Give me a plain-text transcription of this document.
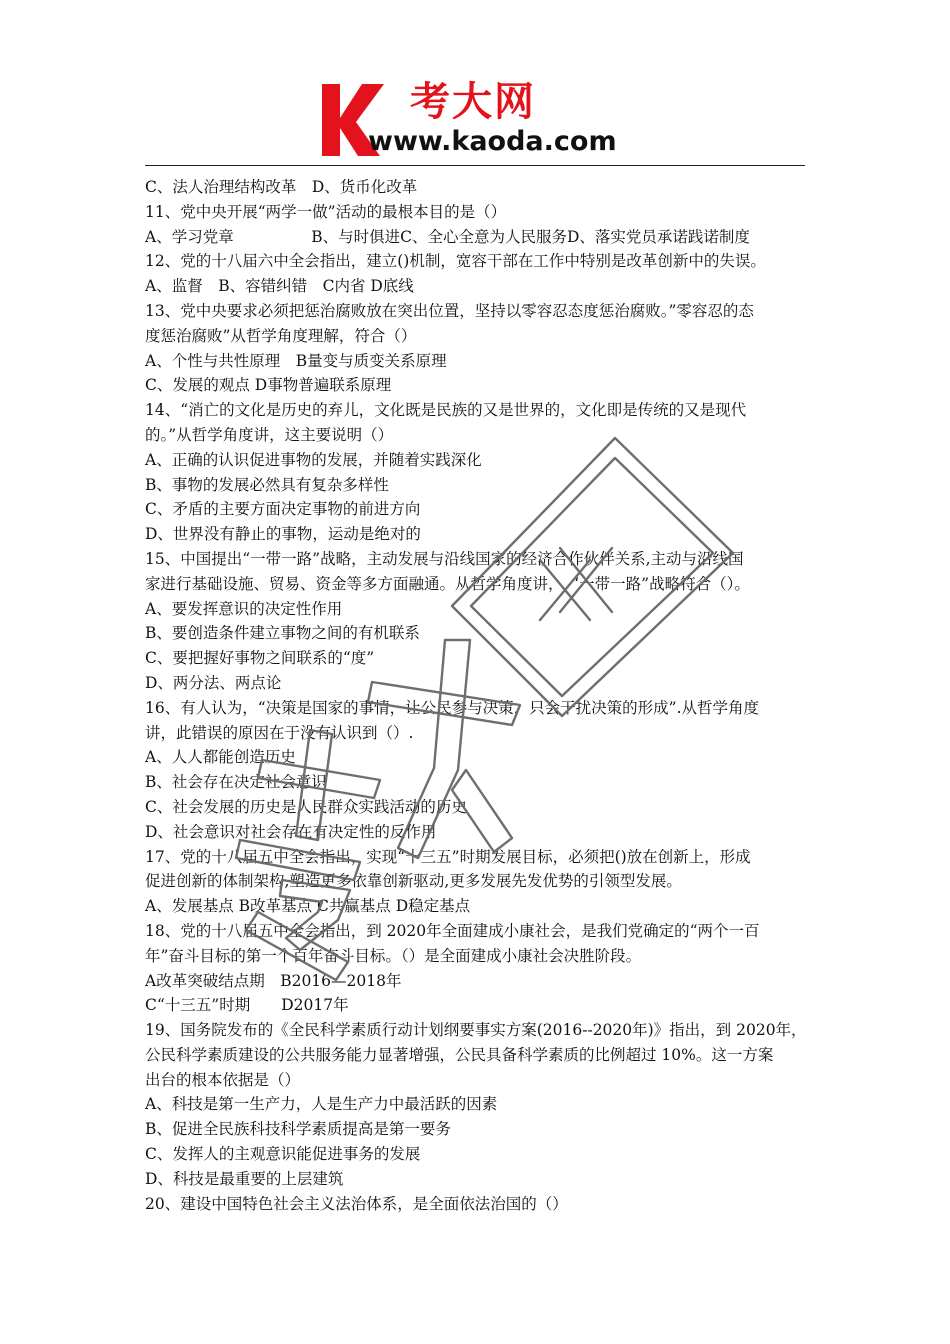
考大网
www.kaoda.com
C、法人治理结构改革　D、货币化改革
11、党中央开展“两学一做”活动的最根本目的是（）
A、学习党章　　　　　B、与时俱进C、全心全意为人民服务D、落实党员承诺践诺制度
12、党的十八届六中全会指出，建立()机制，宽容干部在工作中特别是改革创新中的失误。
A、监督　B、容错纠错　C内省 D底线
13、党中央要求必须把惩治腐败放在突出位置，坚持以零容忍态度惩治腐败。”零容忍的态
度惩治腐败”从哲学角度理解，符合（）
A、个性与共性原理　B量变与质变关系原理
C、发展的观点 D事物普遍联系原理
14、“消亡的文化是历史的弃儿，文化既是民族的又是世界的，文化即是传统的又是现代
的。”从哲学角度讲，这主要说明（）
A、正确的认识促进事物的发展，并随着实践深化
B、事物的发展必然具有复杂多样性
C、矛盾的主要方面决定事物的前进方向
D、世界没有静止的事物，运动是绝对的
15、中国提出“一带一路”战略，主动发展与沿线国家的经济合作伙伴关系,主动与沿线国
家进行基础设施、贸易、资金等多方面融通。从哲学角度讲，　“一带一路”战略符合（）。
A、要发挥意识的决定性作用
B、要创造条件建立事物之间的有机联系
C、要把握好事物之间联系的“度”
D、两分法、两点论
16、有人认为，“决策是国家的事情，让公民参与决策，只会干扰决策的形成”.从哲学角度
讲，此错误的原因在于没有认识到（）.
A、人人都能创造历史
B、社会存在决定社会意识
C、社会发展的历史是人民群众实践活动的历史
D、社会意识对社会存在有决定性的反作用
17、党的十八届五中全会指出，实现“十三五”时期发展目标，必须把()放在创新上，形成
促进创新的体制架构,塑造更多依靠创新驱动,更多发展先发优势的引领型发展。
A、发展基点 B改革基点 C共赢基点 D稳定基点
18、党的十八届五中全会指出，到 2020年全面建成小康社会，是我们党确定的“两个一百
年”奋斗目标的第一个百年奋斗目标。（）是全面建成小康社会决胜阶段。
A改革突破结点期　B2016—2018年
C“十三五”时期　　D2017年
19、国务院发布的《全民科学素质行动计划纲要事实方案(2016--2020年)》指出，到 2020年，
公民科学素质建设的公共服务能力显著增强，公民具备科学素质的比例超过 10%。这一方案
出台的根本依据是（）
A、科技是第一生产力，人是生产力中最活跃的因素
B、促进全民族科技科学素质提高是第一要务
C、发挥人的主观意识能促进事务的发展
D、科技是最重要的上层建筑
20、建设中国特色社会主义法治体系，是全面依法治国的（）
